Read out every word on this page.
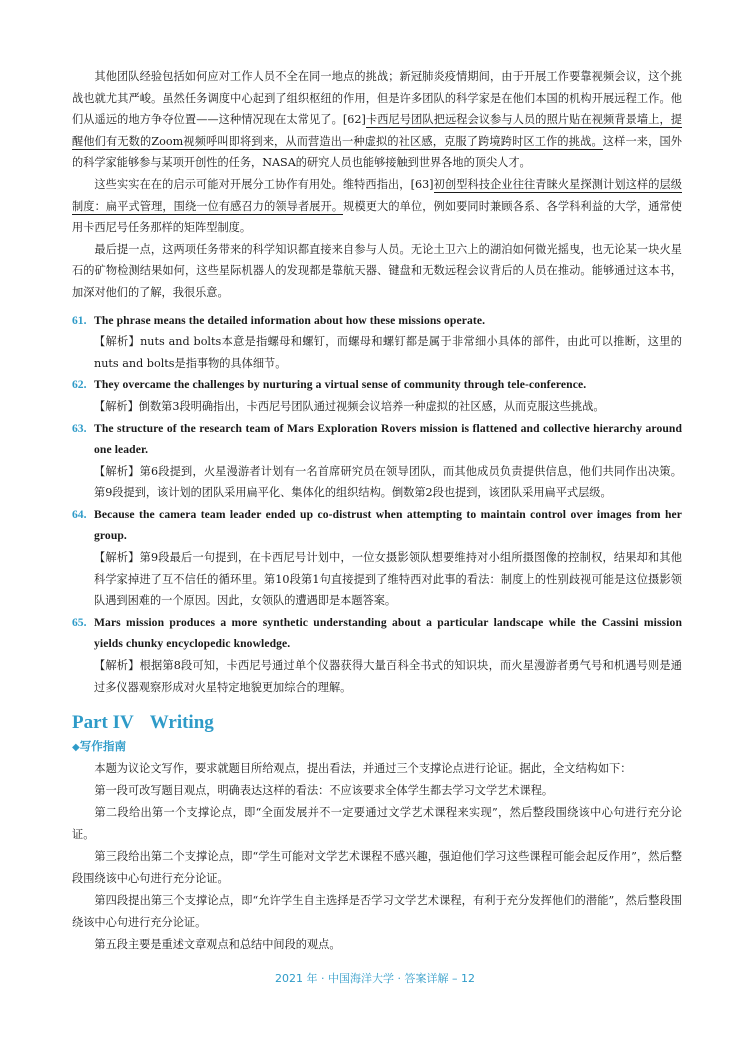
其他团队经验包括如何应对工作人员不全在同一地点的挑战；新冠肺炎疫情期间，由于开展工作要靠视频会议，这个挑战也就尤其严峻。虽然任务调度中心起到了组织枢纽的作用，但是许多团队的科学家是在他们本国的机构开展远程工作。他们从遥远的地方争夺位置——这种情况现在太常见了。[62]卡西尼号团队把远程会议参与人员的照片贴在视频背景墙上，提醒他们有无数的Zoom视频呼叫即将到来，从而营造出一种虚拟的社区感，克服了跨境跨时区工作的挑战。这样一来，国外的科学家能够参与某项开创性的任务，NASA的研究人员也能够接触到世界各地的顶尖人才。

这些实实在在的启示可能对开展分工协作有用处。维特西指出，[63]初创型科技企业往往青睐火星探测计划这样的层级制度：扁平式管理，围绕一位有感召力的领导者展开。规模更大的单位，例如要同时兼顾各系、各学科利益的大学，通常使用卡西尼号任务那样的矩阵型制度。

最后提一点，这两项任务带来的科学知识都直接来自参与人员。无论土卫六上的湖泊如何微光摇曳，也无论某一块火星石的矿物检测结果如何，这些星际机器人的发现都是靠航天器、键盘和无数远程会议背后的人员在推动。能够通过这本书，加深对他们的了解，我很乐意。

61. The phrase means the detailed information about how these missions operate.
【解析】nuts and bolts本意是指螺母和螺钉，而螺母和螺钉都是属于非常细小具体的部件，由此可以推断，这里的nuts and bolts是指事物的具体细节。
62. They overcame the challenges by nurturing a virtual sense of community through tele-conference.
【解析】倒数第3段明确指出，卡西尼号团队通过视频会议培养一种虚拟的社区感，从而克服这些挑战。
63. The structure of the research team of Mars Exploration Rovers mission is flattened and collective hierarchy around one leader.
【解析】第6段提到，火星漫游者计划有一名首席研究员在领导团队，而其他成员负责提供信息，他们共同作出决策。第9段提到，该计划的团队采用扁平化、集体化的组织结构。倒数第2段也提到，该团队采用扁平式层级。
64. Because the camera team leader ended up co-distrust when attempting to maintain control over images from her group.
【解析】第9段最后一句提到，在卡西尼号计划中，一位女摄影领队想要维持对小组所摄图像的控制权，结果却和其他科学家掉进了互不信任的循环里。第10段第1句直接提到了维特西对此事的看法：制度上的性别歧视可能是这位摄影领队遇到困难的一个原因。因此，女领队的遭遇即是本题答案。
65. Mars mission produces a more synthetic understanding about a particular landscape while the Cassini mission yields chunky encyclopedic knowledge.
【解析】根据第8段可知，卡西尼号通过单个仪器获得大量百科全书式的知识块，而火星漫游者勇气号和机遇号则是通过多仪器观察形成对火星特定地貌更加综合的理解。
Part IV Writing
◆写作指南

本题为议论文写作，要求就题目所给观点，提出看法，并通过三个支撑论点进行论证。据此，全文结构如下：

第一段可改写题目观点，明确表达这样的看法：不应该要求全体学生都去学习文学艺术课程。

第二段给出第一个支撑论点，即“全面发展并不一定要通过文学艺术课程来实现”，然后整段围绕该中心句进行充分论证。

第三段给出第二个支撑论点，即“学生可能对文学艺术课程不感兴趣，强迫他们学习这些课程可能会起反作用”，然后整段围绕该中心句进行充分论证。

第四段提出第三个支撑论点，即“允许学生自主选择是否学习文学艺术课程，有利于充分发挥他们的潜能”，然后整段围绕该中心句进行充分论证。

第五段主要是重述文章观点和总结中间段的观点。

2021 年 · 中国海洋大学 · 答案详解 – 12
